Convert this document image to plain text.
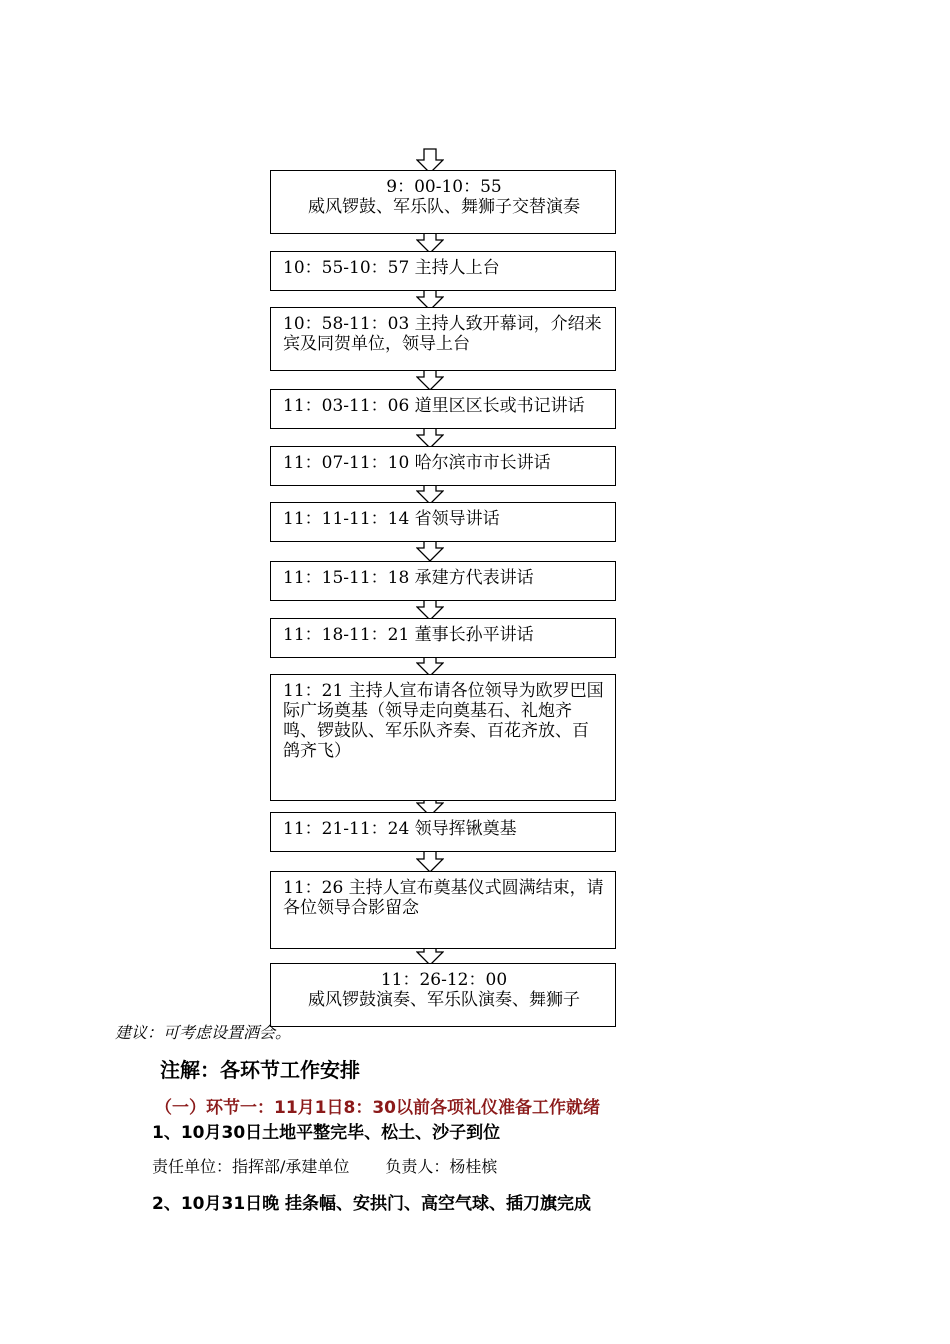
9：00-10：55
威风锣鼓、军乐队、舞狮子交替演奏
10：55-10：57 主持人上台
10：58-11：03 主持人致开幕词，介绍来宾及同贺单位，领导上台
11：03-11：06 道里区区长或书记讲话
11：07-11：10 哈尔滨市市长讲话
11：11-11：14 省领导讲话
11：15-11：18 承建方代表讲话
11：18-11：21 董事长孙平讲话
11：21 主持人宣布请各位领导为欧罗巴国际广场奠基（领导走向奠基石、礼炮齐鸣、锣鼓队、军乐队齐奏、百花齐放、百鸽齐飞）
11：21-11：24 领导挥锹奠基
11：26 主持人宣布奠基仪式圆满结束，请各位领导合影留念
11：26-12：00
威风锣鼓演奏、军乐队演奏、舞狮子
建议：可考虑设置酒会。
注解：各环节工作安排
（一）环节一：11月1日8：30以前各项礼仪准备工作就绪
1、10月30日土地平整完毕、松土、沙子到位
责任单位：指挥部/承建单位 负责人：杨桂槟
2、10月31日晚 挂条幅、安拱门、高空气球、插刀旗完成
